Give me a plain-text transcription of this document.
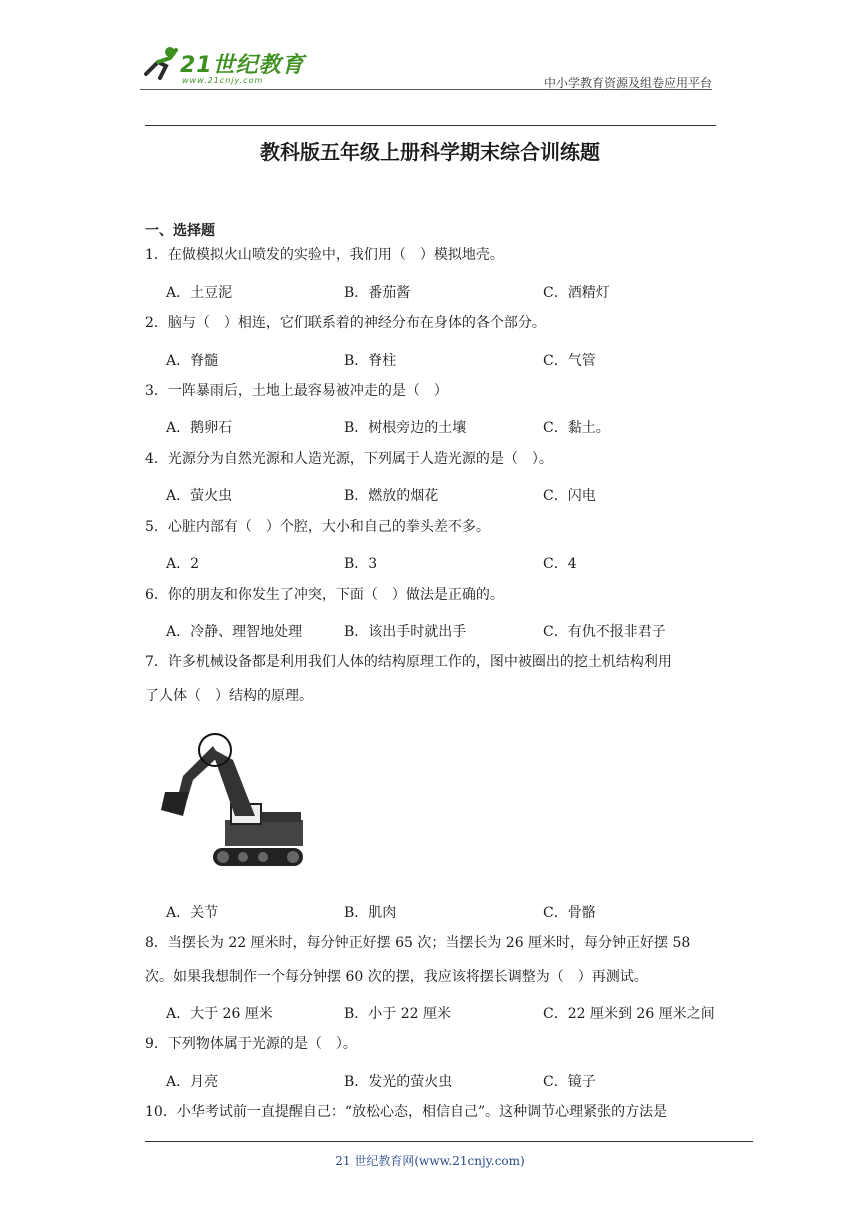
21世纪教育
www.21cnjy.com	中小学教育资源及组卷应用平台
教科版五年级上册科学期末综合训练题
一、选择题
1．在做模拟火山喷发的实验中，我们用（　）模拟地壳。
A．土豆泥	B．番茄酱	C．酒精灯
2．脑与（　）相连，它们联系着的神经分布在身体的各个部分。
A．脊髓	B．脊柱	C．气管
3．一阵暴雨后，土地上最容易被冲走的是（　）
A．鹅卵石	B．树根旁边的土壤	C．黏土。
4．光源分为自然光源和人造光源，下列属于人造光源的是（　）。
A．萤火虫	B．燃放的烟花	C．闪电
5．心脏内部有（　）个腔，大小和自己的拳头差不多。
A．2	B．3	C．4
6．你的朋友和你发生了冲突，下面（　）做法是正确的。
A．冷静、理智地处理	B．该出手时就出手	C．有仇不报非君子
7．许多机械设备都是利用我们人体的结构原理工作的，图中被圈出的挖土机结构利用
了人体（　）结构的原理。
A．关节	B．肌肉	C．骨骼
8．当摆长为 22 厘米时，每分钟正好摆 65 次；当摆长为 26 厘米时，每分钟正好摆 58
次。如果我想制作一个每分钟摆 60 次的摆，我应该将摆长调整为（　）再测试。
A．大于 26 厘米	B．小于 22 厘米	C．22 厘米到 26 厘米之间
9．下列物体属于光源的是（　）。
A．月亮	B．发光的萤火虫	C．镜子
10．小华考试前一直提醒自己：“放松心态，相信自己”。这种调节心理紧张的方法是
21 世纪教育网(www.21cnjy.com)
